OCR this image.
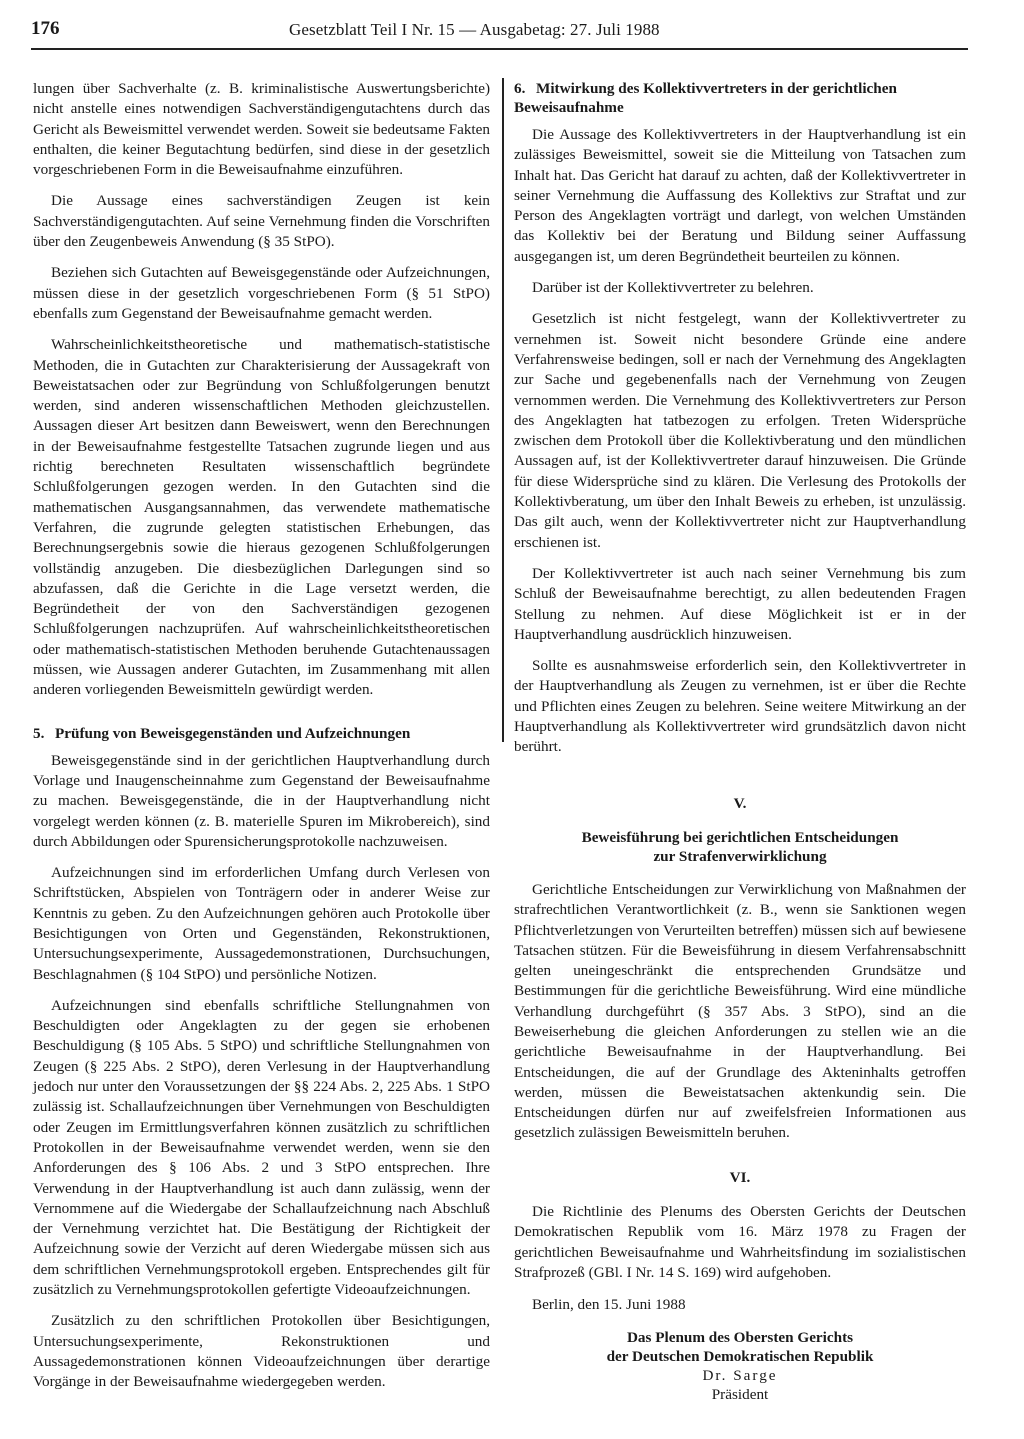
176	Gesetzblatt Teil I Nr. 15 — Ausgabetag: 27. Juli 1988

lungen über Sachverhalte (z. B. kriminalistische Auswertungsberichte) nicht anstelle eines notwendigen Sachverständigengutachtens durch das Gericht als Beweismittel verwendet werden. Soweit sie bedeutsame Fakten enthalten, die keiner Begutachtung bedürfen, sind diese in der gesetzlich vorgeschriebenen Form in die Beweisaufnahme einzuführen.

Die Aussage eines sachverständigen Zeugen ist kein Sachverständigengutachten. Auf seine Vernehmung finden die Vorschriften über den Zeugenbeweis Anwendung (§ 35 StPO).

Beziehen sich Gutachten auf Beweisgegenstände oder Aufzeichnungen, müssen diese in der gesetzlich vorgeschriebenen Form (§ 51 StPO) ebenfalls zum Gegenstand der Beweisaufnahme gemacht werden.

Wahrscheinlichkeitstheoretische und mathematisch-statistische Methoden, die in Gutachten zur Charakterisierung der Aussagekraft von Beweistatsachen oder zur Begründung von Schlußfolgerungen benutzt werden, sind anderen wissenschaftlichen Methoden gleichzustellen. Aussagen dieser Art besitzen dann Beweiswert, wenn den Berechnungen in der Beweisaufnahme festgestellte Tatsachen zugrunde liegen und aus richtig berechneten Resultaten wissenschaftlich begründete Schlußfolgerungen gezogen werden. In den Gutachten sind die mathematischen Ausgangsannahmen, das verwendete mathematische Verfahren, die zugrunde gelegten statistischen Erhebungen, das Berechnungsergebnis sowie die hieraus gezogenen Schlußfolgerungen vollständig anzugeben. Die diesbezüglichen Darlegungen sind so abzufassen, daß die Gerichte in die Lage versetzt werden, die Begründetheit der von den Sachverständigen gezogenen Schlußfolgerungen nachzuprüfen. Auf wahrscheinlichkeitstheoretischen oder mathematisch-statistischen Methoden beruhende Gutachtenaussagen müssen, wie Aussagen anderer Gutachten, im Zusammenhang mit allen anderen vorliegenden Beweismitteln gewürdigt werden.

5. Prüfung von Beweisgegenständen und Aufzeichnungen

Beweisgegenstände sind in der gerichtlichen Hauptverhandlung durch Vorlage und Inaugenscheinnahme zum Gegenstand der Beweisaufnahme zu machen. Beweisgegenstände, die in der Hauptverhandlung nicht vorgelegt werden können (z. B. materielle Spuren im Mikrobereich), sind durch Abbildungen oder Spurensicherungsprotokolle nachzuweisen.

Aufzeichnungen sind im erforderlichen Umfang durch Verlesen von Schriftstücken, Abspielen von Tonträgern oder in anderer Weise zur Kenntnis zu geben. Zu den Aufzeichnungen gehören auch Protokolle über Besichtigungen von Orten und Gegenständen, Rekonstruktionen, Untersuchungsexperimente, Aussagedemonstrationen, Durchsuchungen, Beschlagnahmen (§ 104 StPO) und persönliche Notizen.

Aufzeichnungen sind ebenfalls schriftliche Stellungnahmen von Beschuldigten oder Angeklagten zu der gegen sie erhobenen Beschuldigung (§ 105 Abs. 5 StPO) und schriftliche Stellungnahmen von Zeugen (§ 225 Abs. 2 StPO), deren Verlesung in der Hauptverhandlung jedoch nur unter den Voraussetzungen der §§ 224 Abs. 2, 225 Abs. 1 StPO zulässig ist. Schallaufzeichnungen über Vernehmungen von Beschuldigten oder Zeugen im Ermittlungsverfahren können zusätzlich zu schriftlichen Protokollen in der Beweisaufnahme verwendet werden, wenn sie den Anforderungen des § 106 Abs. 2 und 3 StPO entsprechen. Ihre Verwendung in der Hauptverhandlung ist auch dann zulässig, wenn der Vernommene auf die Wiedergabe der Schallaufzeichnung nach Abschluß der Vernehmung verzichtet hat. Die Bestätigung der Richtigkeit der Aufzeichnung sowie der Verzicht auf deren Wiedergabe müssen sich aus dem schriftlichen Vernehmungsprotokoll ergeben. Entsprechendes gilt für zusätzlich zu Vernehmungsprotokollen gefertigte Videoaufzeichnungen.

Zusätzlich zu den schriftlichen Protokollen über Besichtigungen, Untersuchungsexperimente, Rekonstruktionen und Aussagedemonstrationen können Videoaufzeichnungen über derartige Vorgänge in der Beweisaufnahme wiedergegeben werden.

6. Mitwirkung des Kollektivvertreters in der gerichtlichen Beweisaufnahme

Die Aussage des Kollektivvertreters in der Hauptverhandlung ist ein zulässiges Beweismittel, soweit sie die Mitteilung von Tatsachen zum Inhalt hat. Das Gericht hat darauf zu achten, daß der Kollektivvertreter in seiner Vernehmung die Auffassung des Kollektivs zur Straftat und zur Person des Angeklagten vorträgt und darlegt, von welchen Umständen das Kollektiv bei der Beratung und Bildung seiner Auffassung ausgegangen ist, um deren Begründetheit beurteilen zu können.

Darüber ist der Kollektivvertreter zu belehren.

Gesetzlich ist nicht festgelegt, wann der Kollektivvertreter zu vernehmen ist. Soweit nicht besondere Gründe eine andere Verfahrensweise bedingen, soll er nach der Vernehmung des Angeklagten zur Sache und gegebenenfalls nach der Vernehmung von Zeugen vernommen werden. Die Vernehmung des Kollektivvertreters zur Person des Angeklagten hat tatbezogen zu erfolgen. Treten Widersprüche zwischen dem Protokoll über die Kollektivberatung und den mündlichen Aussagen auf, ist der Kollektivvertreter darauf hinzuweisen. Die Gründe für diese Widersprüche sind zu klären. Die Verlesung des Protokolls der Kollektivberatung, um über den Inhalt Beweis zu erheben, ist unzulässig. Das gilt auch, wenn der Kollektivvertreter nicht zur Hauptverhandlung erschienen ist.

Der Kollektivvertreter ist auch nach seiner Vernehmung bis zum Schluß der Beweisaufnahme berechtigt, zu allen bedeutenden Fragen Stellung zu nehmen. Auf diese Möglichkeit ist er in der Hauptverhandlung ausdrücklich hinzuweisen.

Sollte es ausnahmsweise erforderlich sein, den Kollektivvertreter in der Hauptverhandlung als Zeugen zu vernehmen, ist er über die Rechte und Pflichten eines Zeugen zu belehren. Seine weitere Mitwirkung an der Hauptverhandlung als Kollektivvertreter wird grundsätzlich davon nicht berührt.

V.
Beweisführung bei gerichtlichen Entscheidungen
zur Strafenverwirklichung

Gerichtliche Entscheidungen zur Verwirklichung von Maßnahmen der strafrechtlichen Verantwortlichkeit (z. B., wenn sie Sanktionen wegen Pflichtverletzungen von Verurteilten betreffen) müssen sich auf bewiesene Tatsachen stützen. Für die Beweisführung in diesem Verfahrensabschnitt gelten uneingeschränkt die entsprechenden Grundsätze und Bestimmungen für die gerichtliche Beweisführung. Wird eine mündliche Verhandlung durchgeführt (§ 357 Abs. 3 StPO), sind an die Beweiserhebung die gleichen Anforderungen zu stellen wie an die gerichtliche Beweisaufnahme in der Hauptverhandlung. Bei Entscheidungen, die auf der Grundlage des Akteninhalts getroffen werden, müssen die Beweistatsachen aktenkundig sein. Die Entscheidungen dürfen nur auf zweifelsfreien Informationen aus gesetzlich zulässigen Beweismitteln beruhen.

VI.

Die Richtlinie des Plenums des Obersten Gerichts der Deutschen Demokratischen Republik vom 16. März 1978 zu Fragen der gerichtlichen Beweisaufnahme und Wahrheitsfindung im sozialistischen Strafprozeß (GBl. I Nr. 14 S. 169) wird aufgehoben.

Berlin, den 15. Juni 1988

Das Plenum des Obersten Gerichts
der Deutschen Demokratischen Republik
Dr. Sarge
Präsident
